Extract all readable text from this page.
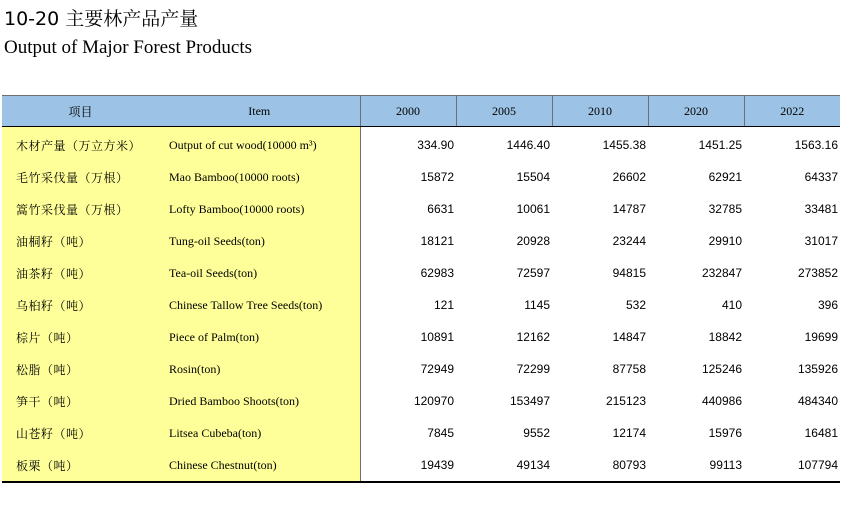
10-20 主要林产品产量
Output of Major Forest Products
项目	Item	2000	2005	2010	2020	2022
木材产量（万立方米）	Output of cut wood(10000 m³)	334.90	1446.40	1455.38	1451.25	1563.16
毛竹采伐量（万根）	Mao Bamboo(10000 roots)	15872	15504	26602	62921	64337
篙竹采伐量（万根）	Lofty Bamboo(10000 roots)	6631	10061	14787	32785	33481
油桐籽（吨）	Tung-oil Seeds(ton)	18121	20928	23244	29910	31017
油茶籽（吨）	Tea-oil Seeds(ton)	62983	72597	94815	232847	273852
乌桕籽（吨）	Chinese Tallow Tree Seeds(ton)	121	1145	532	410	396
棕片（吨）	Piece of Palm(ton)	10891	12162	14847	18842	19699
松脂（吨）	Rosin(ton)	72949	72299	87758	125246	135926
笋干（吨）	Dried Bamboo Shoots(ton)	120970	153497	215123	440986	484340
山苍籽（吨）	Litsea Cubeba(ton)	7845	9552	12174	15976	16481
板栗（吨）	Chinese Chestnut(ton)	19439	49134	80793	99113	107794
